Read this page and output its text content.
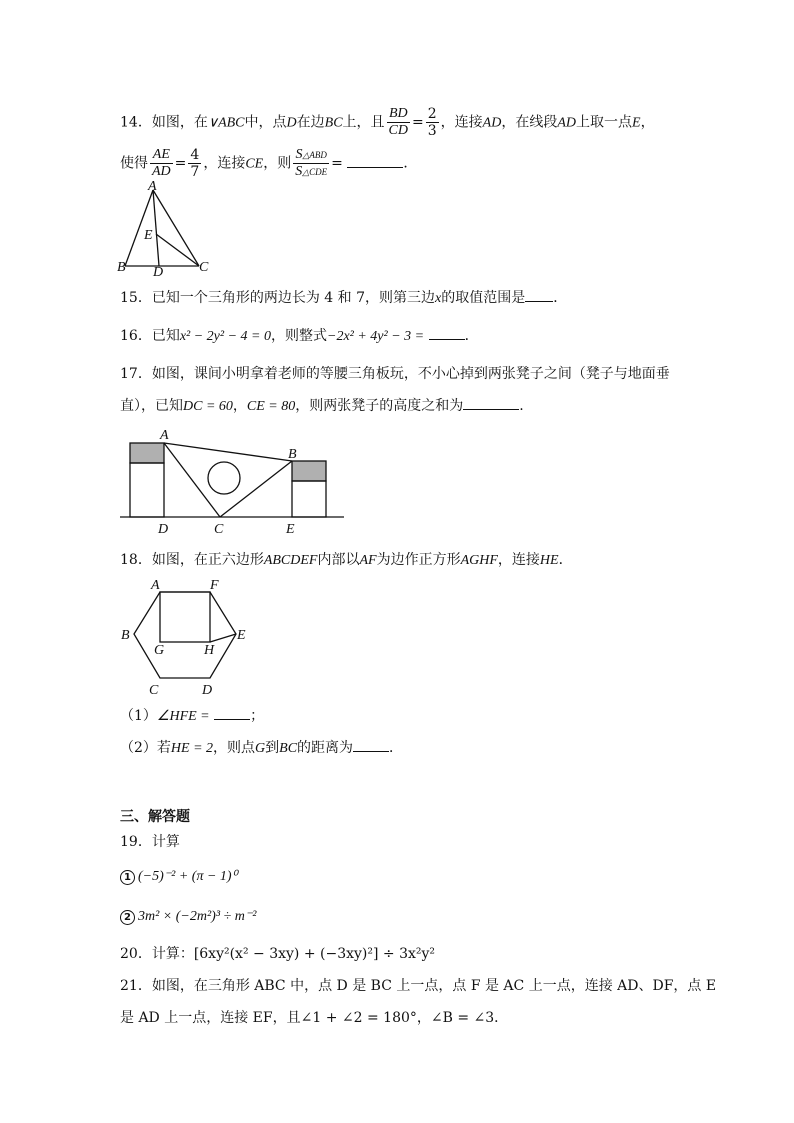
14．如图，在∨ABC中，点D在边BC上，且 $\frac{BD}{CD} = \frac{2}{3}$ ，连接AD，在线段AD上取一点E，
使得 $\frac{AE}{AD} = \frac{4}{7}$ ，连接CE，则 $\frac{\text{S△ABD}}{\text{S△CDE}}$ =	．
A
B	C
D
E
15．已知一个三角形的两边长为 4 和 7，则第三边x的取值范围是 ．
16．已知x² − 2y² − 4 = 0，则整式−2x² + 4y² − 3 =	．
17．如图，课间小明拿着老师的等腰三角板玩，不小心掉到两张凳子之间（凳子与地面垂
直），已知DC = 60，CE = 80，则两张凳子的高度之和为	.
A
B
C
D	E
18．如图，在正六边形ABCDEF内部以AF为边作正方形AGHF，连接HE．
A	F
B	E
G	H
C	D
（1）∠HFE =	；
（2）若HE = 2，则点G到BC的距离为	．
三、解答题
19．计算
1 (−5)⁻² + (π − 1)⁰
2 3m² × (−2m²)³ ÷ m⁻²
20．计算：[6xy²(x² − 3xy) + (−3xy)²] ÷ 3x²y²
21．如图，在三角形 ABC 中，点 D 是 BC 上一点，点 F 是 AC 上一点，连接 AD、DF，点 E
是 AD 上一点，连接 EF，且∠1 + ∠2 = 180°，∠B = ∠3．
